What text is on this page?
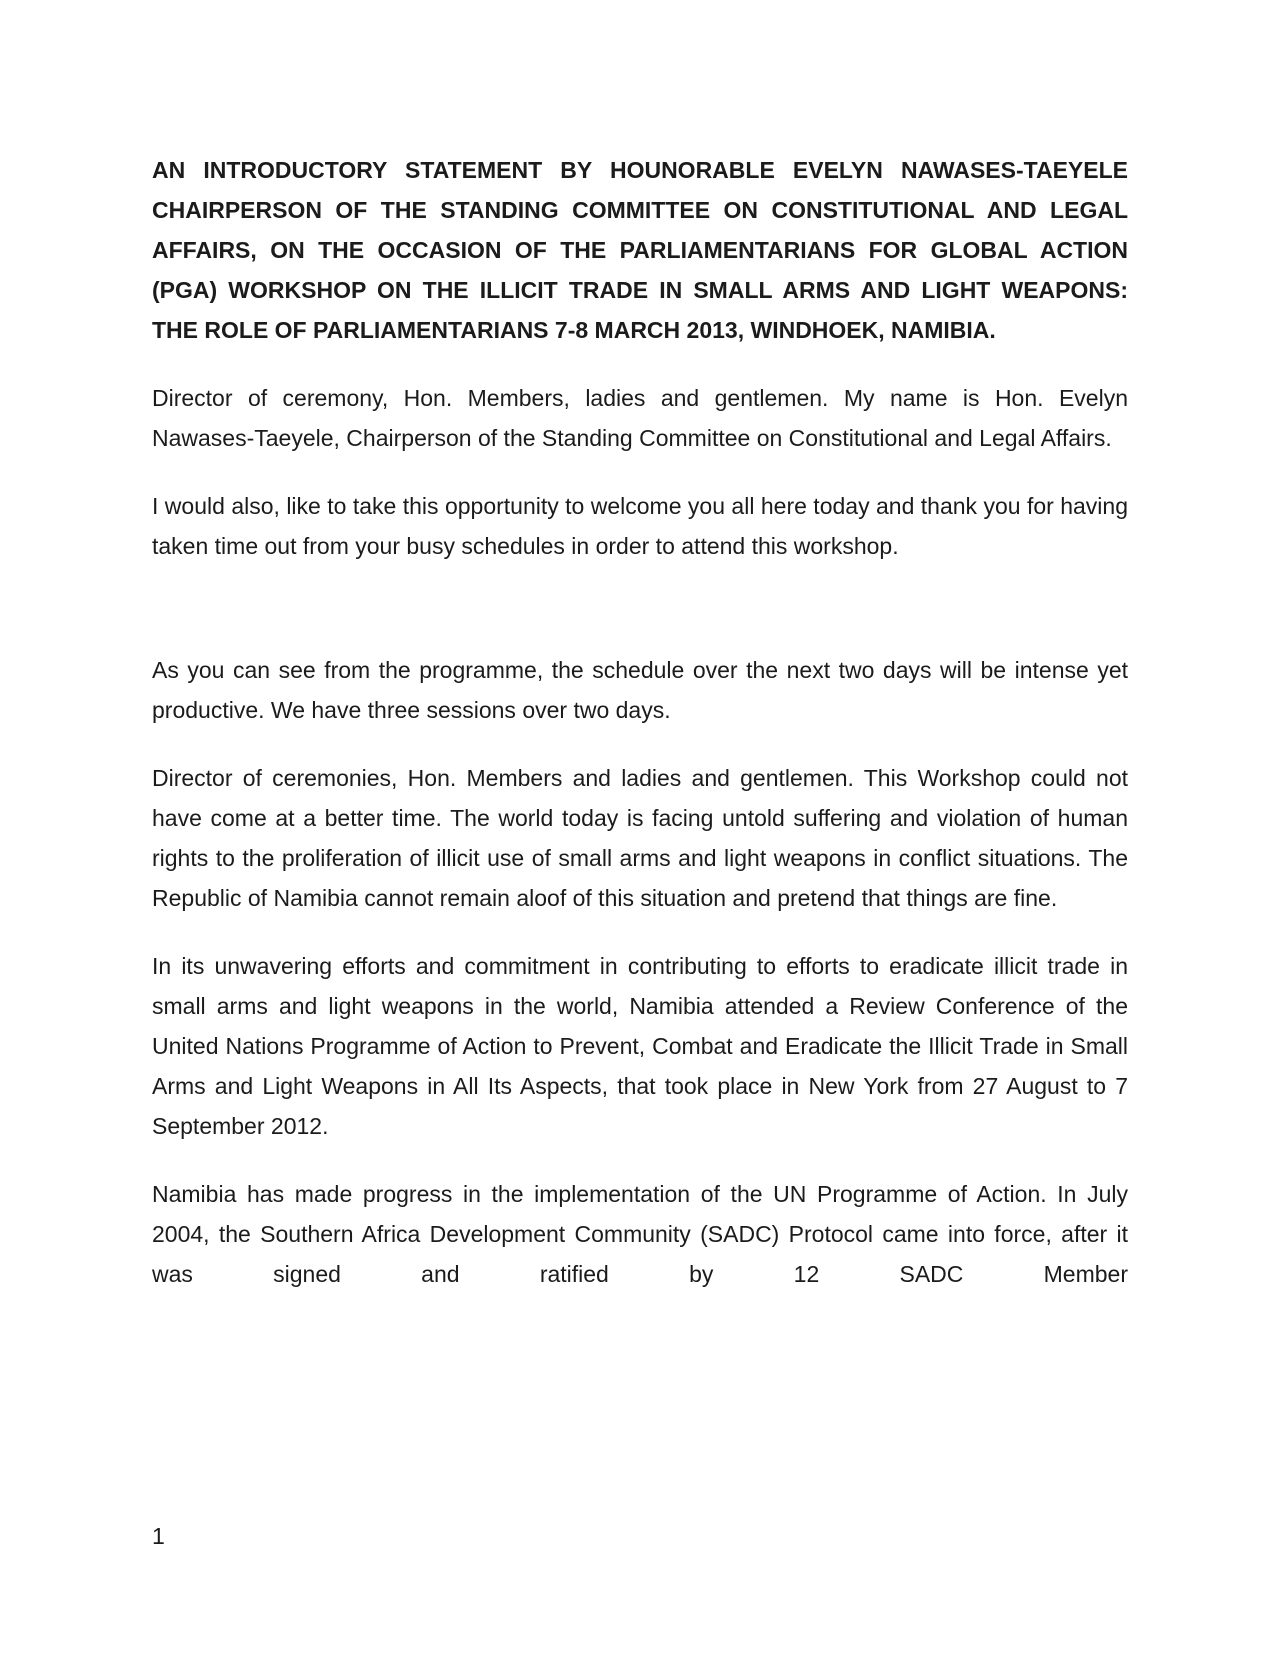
AN INTRODUCTORY STATEMENT BY HOUNORABLE EVELYN NAWASES-TAEYELE CHAIRPERSON OF THE STANDING COMMITTEE ON CONSTITUTIONAL AND LEGAL AFFAIRS, ON THE OCCASION OF THE PARLIAMENTARIANS FOR GLOBAL ACTION (PGA) WORKSHOP ON THE ILLICIT TRADE IN SMALL ARMS AND LIGHT WEAPONS: THE ROLE OF PARLIAMENTARIANS 7-8 MARCH 2013, WINDHOEK, NAMIBIA.

Director of ceremony, Hon. Members, ladies and gentlemen. My name is Hon. Evelyn Nawases-Taeyele, Chairperson of the Standing Committee on Constitutional and Legal Affairs.

I would also, like to take this opportunity to welcome you all here today and thank you for having taken time out from your busy schedules in order to attend this workshop.

As you can see from the programme, the schedule over the next two days will be intense yet productive. We have three sessions over two days.

Director of ceremonies, Hon. Members and ladies and gentlemen. This Workshop could not have come at a better time. The world today is facing untold suffering and violation of human rights to the proliferation of illicit use of small arms and light weapons in conflict situations. The Republic of Namibia cannot remain aloof of this situation and pretend that things are fine.

In its unwavering efforts and commitment in contributing to efforts to eradicate illicit trade in small arms and light weapons in the world, Namibia attended a Review Conference of the United Nations Programme of Action to Prevent, Combat and Eradicate the Illicit Trade in Small Arms and Light Weapons in All Its Aspects, that took place in New York from 27 August to 7 September 2012.

Namibia has made progress in the implementation of the UN Programme of Action. In July 2004, the Southern Africa Development Community (SADC) Protocol came into force, after it was signed and ratified by 12 SADC Member

1
